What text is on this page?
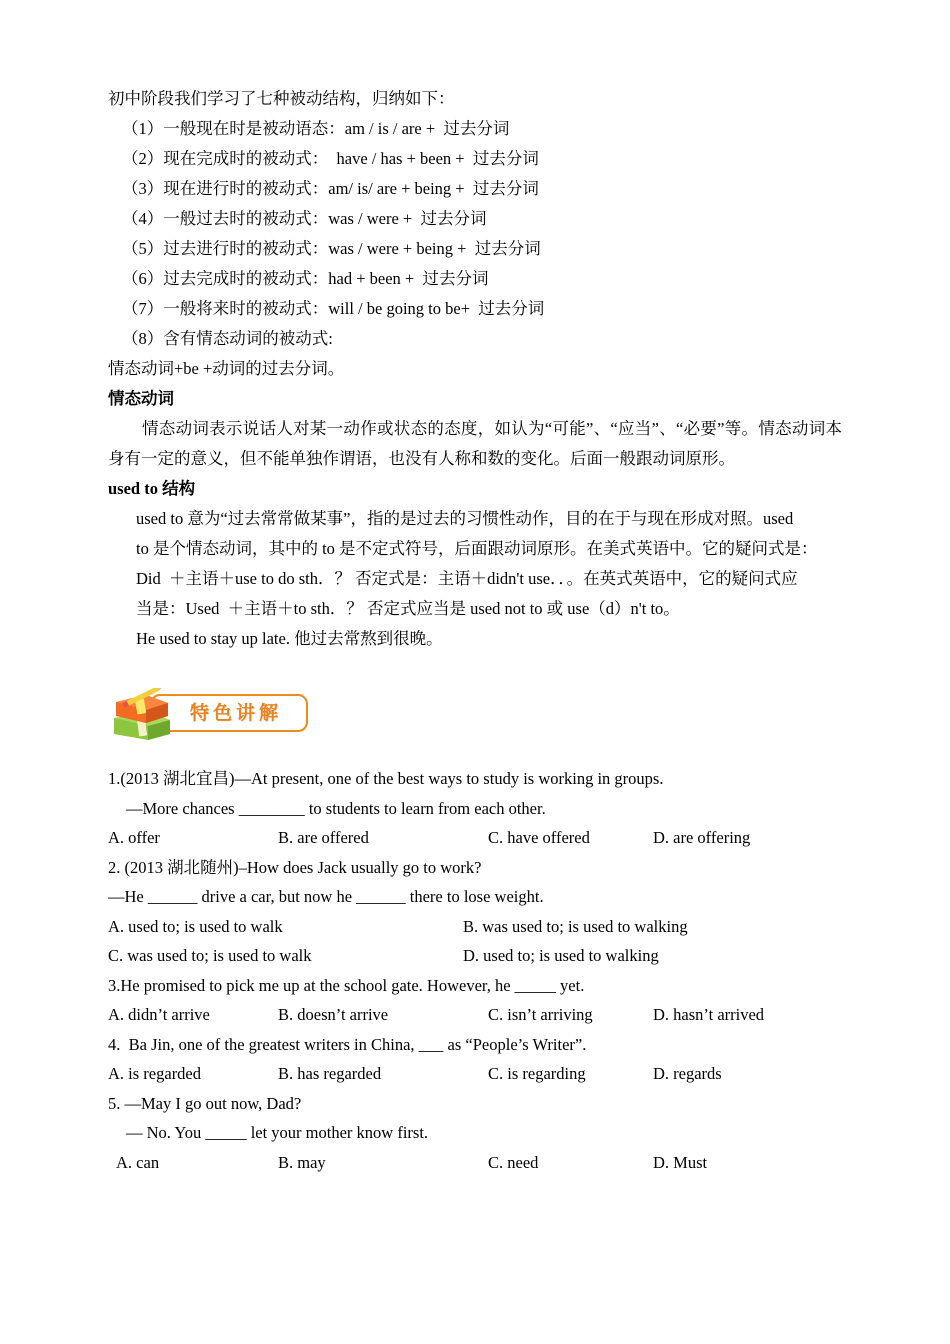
初中阶段我们学习了七种被动结构，归纳如下：
（1）一般现在时是被动语态：am / is / are +  过去分词
（2）现在完成时的被动式：  have / has + been +  过去分词
（3）现在进行时的被动式：am/ is/ are + being +  过去分词
（4）一般过去时的被动式：was / were +  过去分词
（5）过去进行时的被动式：was / were + being +  过去分词
（6）过去完成时的被动式：had + been +  过去分词
（7）一般将来时的被动式：will / be going to be+  过去分词
（8）含有情态动词的被动式:
情态动词+be +动词的过去分词。
情态动词
情态动词表示说话人对某一动作或状态的态度，如认为“可能”、“应当”、“必要”等。情态动词本身有一定的意义，但不能单独作谓语，也没有人称和数的变化。后面一般跟动词原形。
used to 结构
used to 意为“过去常常做某事”，指的是过去的习惯性动作，目的在于与现在形成对照。used
to 是个情态动词，其中的 to 是不定式符号，后面跟动词原形。在美式英语中。它的疑问式是：
Did  ＋主语＋use to do sth．？ 否定式是：主语＋didn't use．．。在英式英语中，它的疑问式应
当是：Used  ＋主语＋to sth．？ 否定式应当是 used not to 或 use（d）n't to。
He used to stay up late. 他过去常熬到很晚。
特色讲解
1.(2013 湖北宜昌)—At present, one of the best ways to study is working in groups.
—More chances ________ to students to learn from each other.
A. offer	B. are offered	C. have offered	D. are offering
2. (2013 湖北随州)–How does Jack usually go to work?
—He ______ drive a car, but now he ______ there to lose weight.
A. used to; is used to walk	B. was used to; is used to walking
C. was used to; is used to walk	D. used to; is used to walking
3.He promised to pick me up at the school gate. However, he _____ yet.
A. didn’t arrive	B. doesn’t arrive	C. isn’t arriving	D. hasn’t arrived
4.  Ba Jin, one of the greatest writers in China, ___ as “People’s Writer”.
A. is regarded	B. has regarded	C. is regarding	D. regards
5. —May I go out now, Dad?
— No. You _____ let your mother know first.
A. can	B. may	C. need	D. Must
